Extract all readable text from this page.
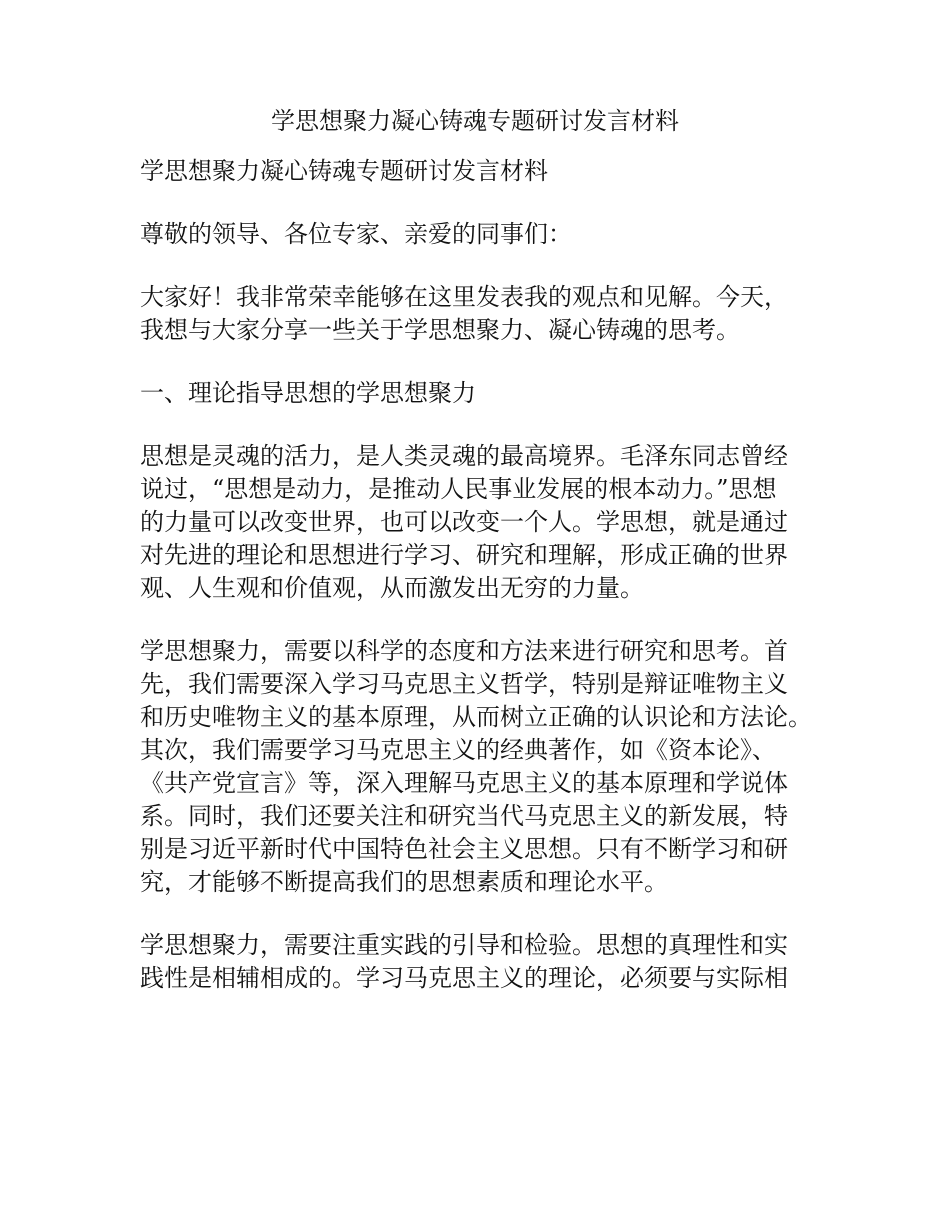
学思想聚力凝心铸魂专题研讨发言材料

学思想聚力凝心铸魂专题研讨发言材料

尊敬的领导、各位专家、亲爱的同事们：

大家好！我非常荣幸能够在这里发表我的观点和见解。今天，
我想与大家分享一些关于学思想聚力、凝心铸魂的思考。

一、理论指导思想的学思想聚力

思想是灵魂的活力，是人类灵魂的最高境界。毛泽东同志曾经
说过，“思想是动力，是推动人民事业发展的根本动力。”思想
的力量可以改变世界，也可以改变一个人。学思想，就是通过
对先进的理论和思想进行学习、研究和理解，形成正确的世界
观、人生观和价值观，从而激发出无穷的力量。

学思想聚力，需要以科学的态度和方法来进行研究和思考。首
先，我们需要深入学习马克思主义哲学，特别是辩证唯物主义
和历史唯物主义的基本原理，从而树立正确的认识论和方法论。
其次，我们需要学习马克思主义的经典著作，如《资本论》、
《共产党宣言》等，深入理解马克思主义的基本原理和学说体
系。同时，我们还要关注和研究当代马克思主义的新发展，特
别是习近平新时代中国特色社会主义思想。只有不断学习和研
究，才能够不断提高我们的思想素质和理论水平。

学思想聚力，需要注重实践的引导和检验。思想的真理性和实
践性是相辅相成的。学习马克思主义的理论，必须要与实际相
